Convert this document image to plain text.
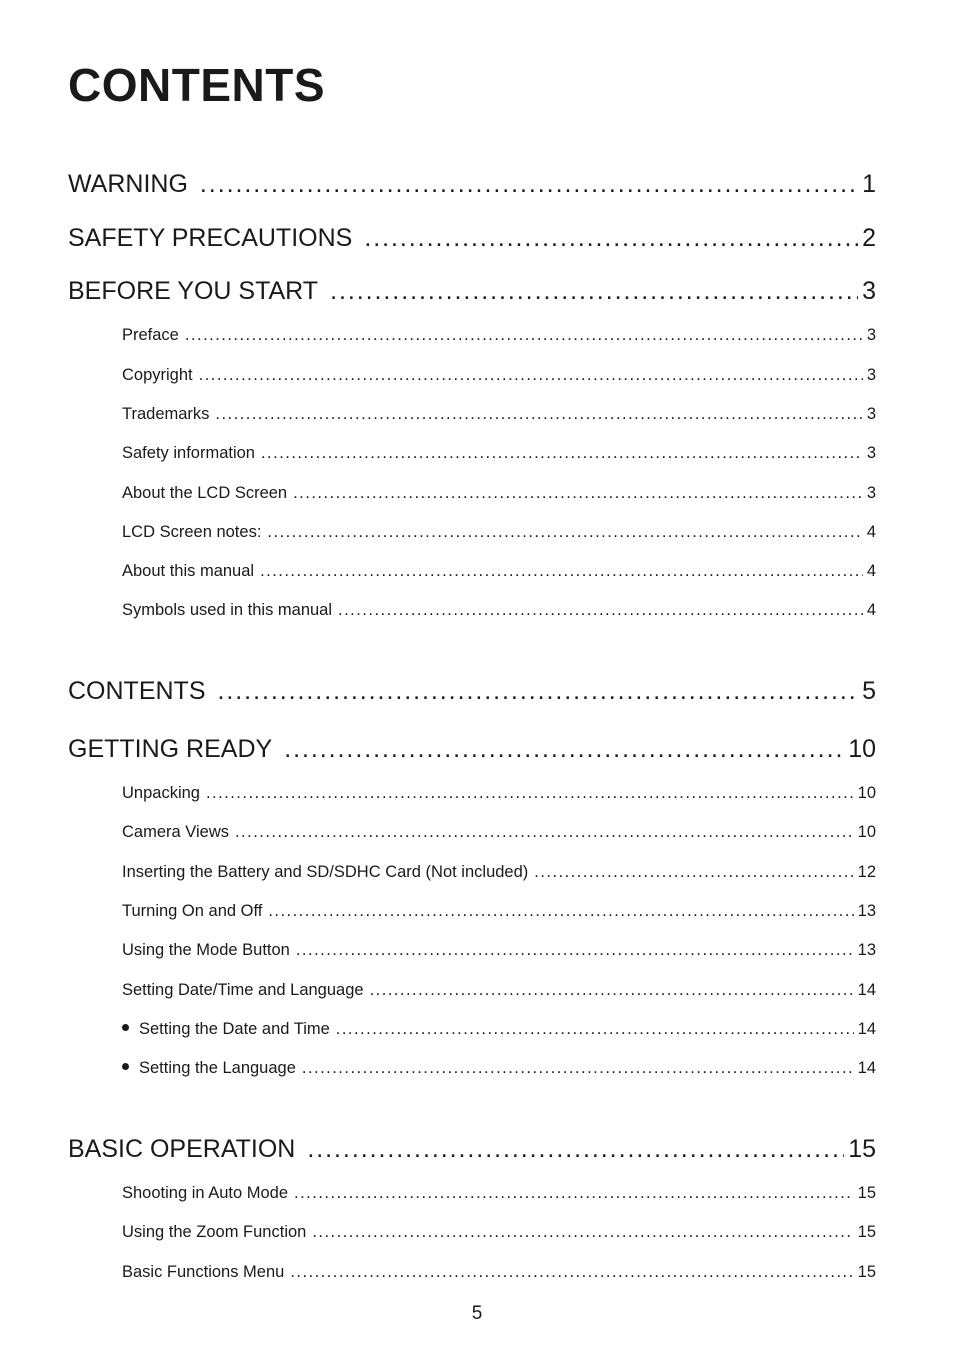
CONTENTS
WARNING . . .	1
SAFETY PRECAUTIONS . . .	2
BEFORE YOU START . . .	3
Preface . . .	3
Copyright . . .	3
Trademarks . . .	3
Safety information . . .	3
About the LCD Screen . . .	3
LCD Screen notes: . . .	4
About this manual . . .	4
Symbols used in this manual . . .	4
CONTENTS . . .	5
GETTING READY . . .	10
Unpacking . . .	10
Camera Views . . .	10
Inserting the Battery and SD/SDHC Card (Not included) . . .	12
Turning On and Off . . .	13
Using the Mode Button . . .	13
Setting Date/Time and Language . . .	14
Setting the Date and Time . . .	14
Setting the Language . . .	14
BASIC OPERATION . . .	15
Shooting in Auto Mode . . .	15
Using the Zoom Function . . .	15
Basic Functions Menu . . .	15
5
